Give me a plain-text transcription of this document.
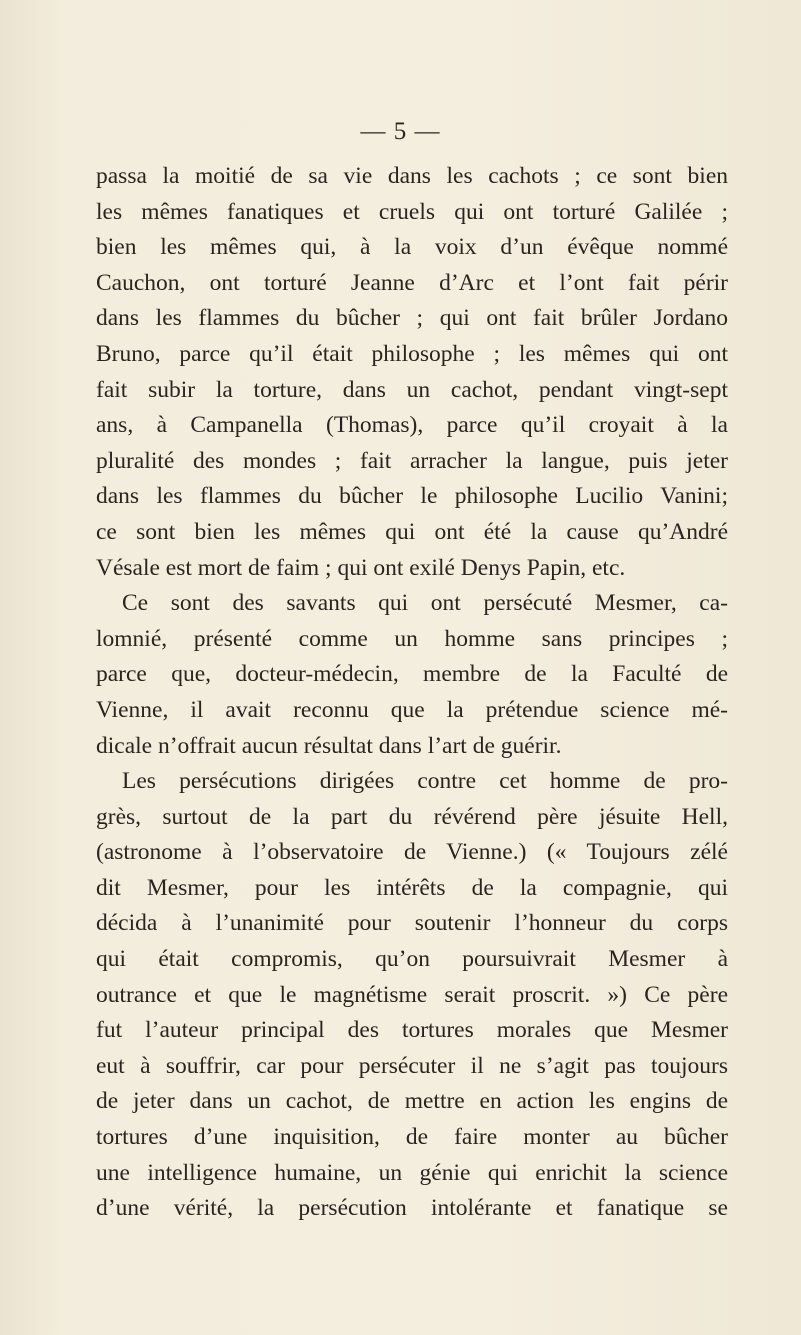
— 5 —
passa la moitié de sa vie dans les cachots ; ce sont bien
les mêmes fanatiques et cruels qui ont torturé Galilée ;
bien les mêmes qui, à la voix d’un évêque nommé
Cauchon, ont torturé Jeanne d’Arc et l’ont fait périr
dans les flammes du bûcher ; qui ont fait brûler Jordano
Bruno, parce qu’il était philosophe ; les mêmes qui ont
fait subir la torture, dans un cachot, pendant vingt-sept
ans, à Campanella (Thomas), parce qu’il croyait à la
pluralité des mondes ; fait arracher la langue, puis jeter
dans les flammes du bûcher le philosophe Lucilio Vanini;
ce sont bien les mêmes qui ont été la cause qu’André
Vésale est mort de faim ; qui ont exilé Denys Papin, etc.
Ce sont des savants qui ont persécuté Mesmer, ca-
lomnié, présenté comme un homme sans principes ;
parce que, docteur-médecin, membre de la Faculté de
Vienne, il avait reconnu que la prétendue science mé-
dicale n’offrait aucun résultat dans l’art de guérir.
Les persécutions dirigées contre cet homme de pro-
grès, surtout de la part du révérend père jésuite Hell,
(astronome à l’observatoire de Vienne.) (« Toujours zélé
dit Mesmer, pour les intérêts de la compagnie, qui
décida à l’unanimité pour soutenir l’honneur du corps
qui était compromis, qu’on poursuivrait Mesmer à
outrance et que le magnétisme serait proscrit. ») Ce père
fut l’auteur principal des tortures morales que Mesmer
eut à souffrir, car pour persécuter il ne s’agit pas toujours
de jeter dans un cachot, de mettre en action les engins de
tortures d’une inquisition, de faire monter au bûcher
une intelligence humaine, un génie qui enrichit la science
d’une vérité, la persécution intolérante et fanatique se
